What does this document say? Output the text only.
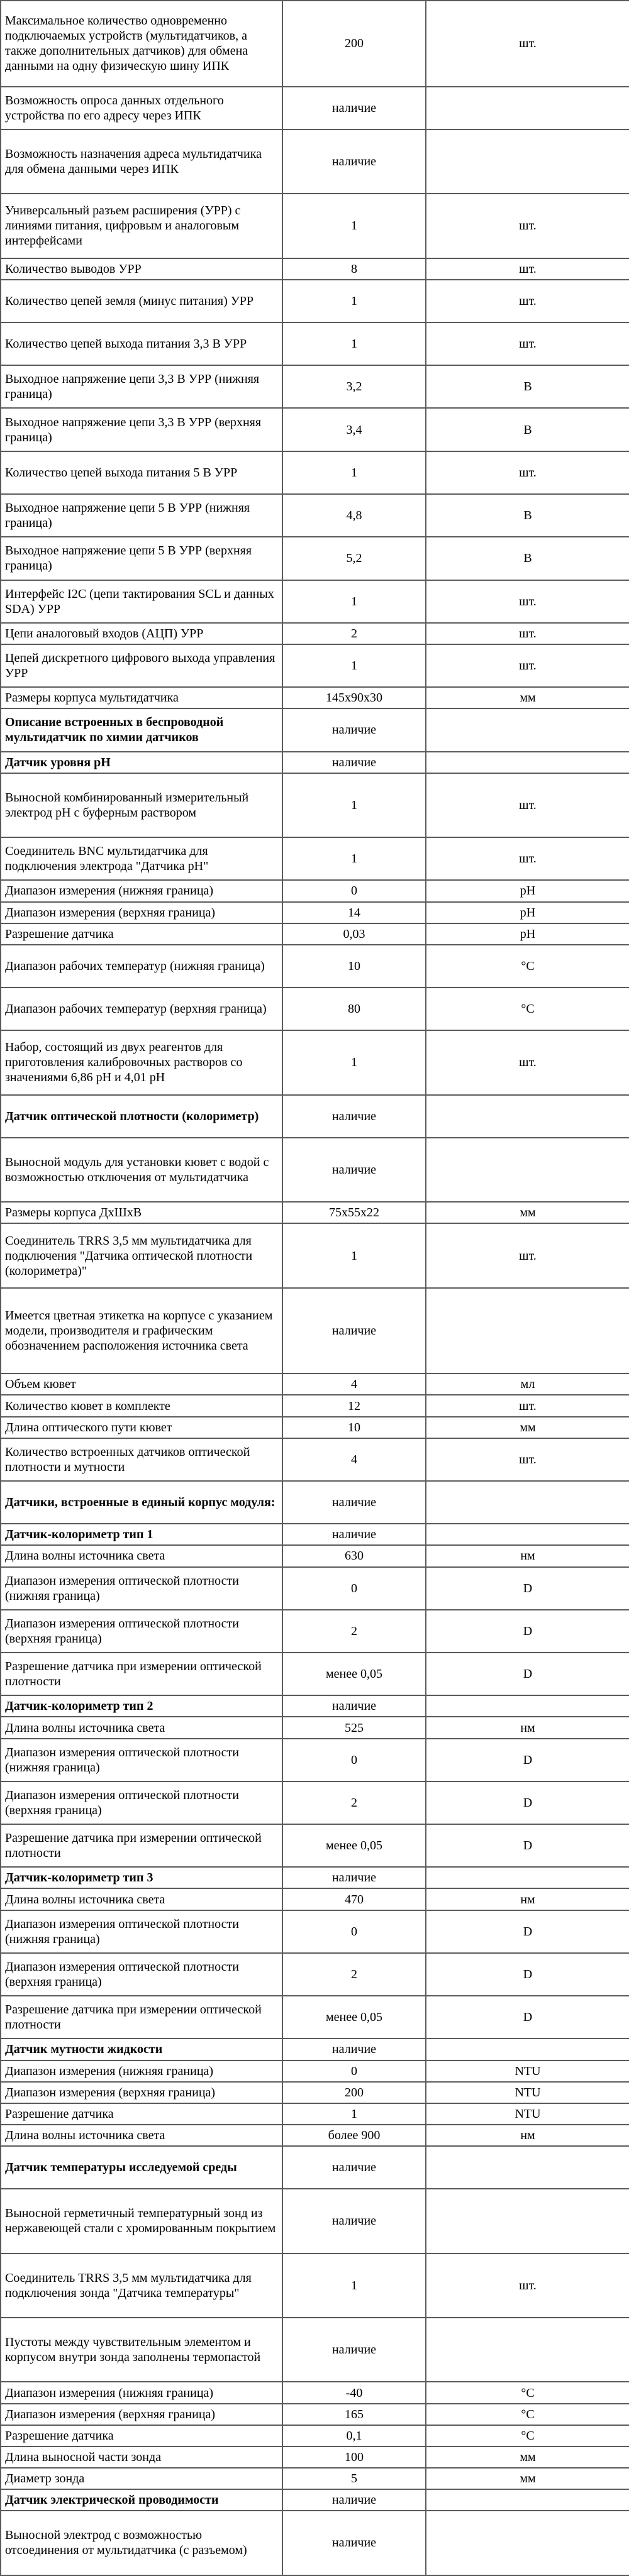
Максимальное количество одновременно подключаемых устройств (мультидатчиков, а также дополнительных датчиков) для обмена данными на одну физическую шину ИПК	200	шт.
Возможность опроса данных отдельного устройства по его адресу через ИПК	наличие	
Возможность назначения адреса мультидатчика для обмена данными через ИПК	наличие	
Универсальный разъем расширения (УРР) с линиями питания, цифровым и аналоговым интерфейсами	1	шт.
Количество выводов УРР	8	шт.
Количество цепей земля (минус питания) УРР	1	шт.
Количество цепей выхода питания 3,3 В УРР	1	шт.
Выходное напряжение цепи 3,3 В УРР (нижняя граница)	3,2	В
Выходное напряжение цепи 3,3 В УРР (верхняя граница)	3,4	В
Количество цепей выхода питания 5 В УРР	1	шт.
Выходное напряжение цепи 5 В УРР (нижняя граница)	4,8	В
Выходное напряжение цепи 5 В УРР (верхняя граница)	5,2	В
Интерфейс I2C (цепи тактирования SCL и данных SDA) УРР	1	шт.
Цепи аналоговый входов (АЦП) УРР	2	шт.
Цепей дискретного цифрового выхода управления УРР	1	шт.
Размеры корпуса мультидатчика	145х90х30	мм
Описание встроенных в беспроводной мультидатчик по химии датчиков	наличие	
Датчик уровня pH	наличие	
Выносной комбинированный измерительный электрод pH с буферным раствором	1	шт.
Соединитель BNC мультидатчика для подключения электрода "Датчика pH"	1	шт.
Диапазон измерения (нижняя граница)	0	pH
Диапазон измерения (верхняя граница)	14	pH
Разрешение датчика	0,03	pH
Диапазон рабочих температур (нижняя граница)	10	°C
Диапазон рабочих температур (верхняя граница)	80	°C
Набор, состоящий из двух реагентов для приготовления калибровочных растворов со значениями 6,86 pH и 4,01 pH	1	шт.
Датчик оптической плотности (колориметр)	наличие	
Выносной модуль для установки кювет с водой с возможностью отключения от мультидатчика	наличие	
Размеры корпуса ДхШхВ	75х55х22	мм
Соединитель TRRS 3,5 мм мультидатчика для подключения "Датчика оптической плотности (колориметра)"	1	шт.
Имеется цветная этикетка на корпусе с указанием модели, производителя и графическим обозначением расположения источника света	наличие	
Объем кювет	4	мл
Количество кювет в комплекте	12	шт.
Длина оптического пути кювет	10	мм
Количество встроенных датчиков оптической плотности и мутности	4	шт.
Датчики, встроенные в единый корпус модуля:	наличие	
Датчик-колориметр тип 1	наличие	
Длина волны источника света	630	нм
Диапазон измерения оптической плотности (нижняя граница)	0	D
Диапазон измерения оптической плотности (верхняя граница)	2	D
Разрешение датчика при измерении оптической плотности	менее 0,05	D
Датчик-колориметр тип 2	наличие	
Длина волны источника света	525	нм
Диапазон измерения оптической плотности (нижняя граница)	0	D
Диапазон измерения оптической плотности (верхняя граница)	2	D
Разрешение датчика при измерении оптической плотности	менее 0,05	D
Датчик-колориметр тип 3	наличие	
Длина волны источника света	470	нм
Диапазон измерения оптической плотности (нижняя граница)	0	D
Диапазон измерения оптической плотности (верхняя граница)	2	D
Разрешение датчика при измерении оптической плотности	менее 0,05	D
Датчик мутности жидкости	наличие	
Диапазон измерения (нижняя граница)	0	NTU
Диапазон измерения (верхняя граница)	200	NTU
Разрешение датчика	1	NTU
Длина волны источника света	более 900	нм
Датчик температуры исследуемой среды	наличие	
Выносной герметичный температурный зонд из нержавеющей стали с хромированным покрытием	наличие	
Соединитель TRRS 3,5 мм мультидатчика для подключения зонда "Датчика температуры"	1	шт.
Пустоты между чувствительным элементом и корпусом внутри зонда заполнены термопастой	наличие	
Диапазон измерения (нижняя граница)	-40	°C
Диапазон измерения (верхняя граница)	165	°C
Разрешение датчика	0,1	°C
Длина выносной части зонда	100	мм
Диаметр зонда	5	мм
Датчик электрической проводимости	наличие	
Выносной электрод с возможностью отсоединения от мультидатчика (с разъемом)	наличие	
